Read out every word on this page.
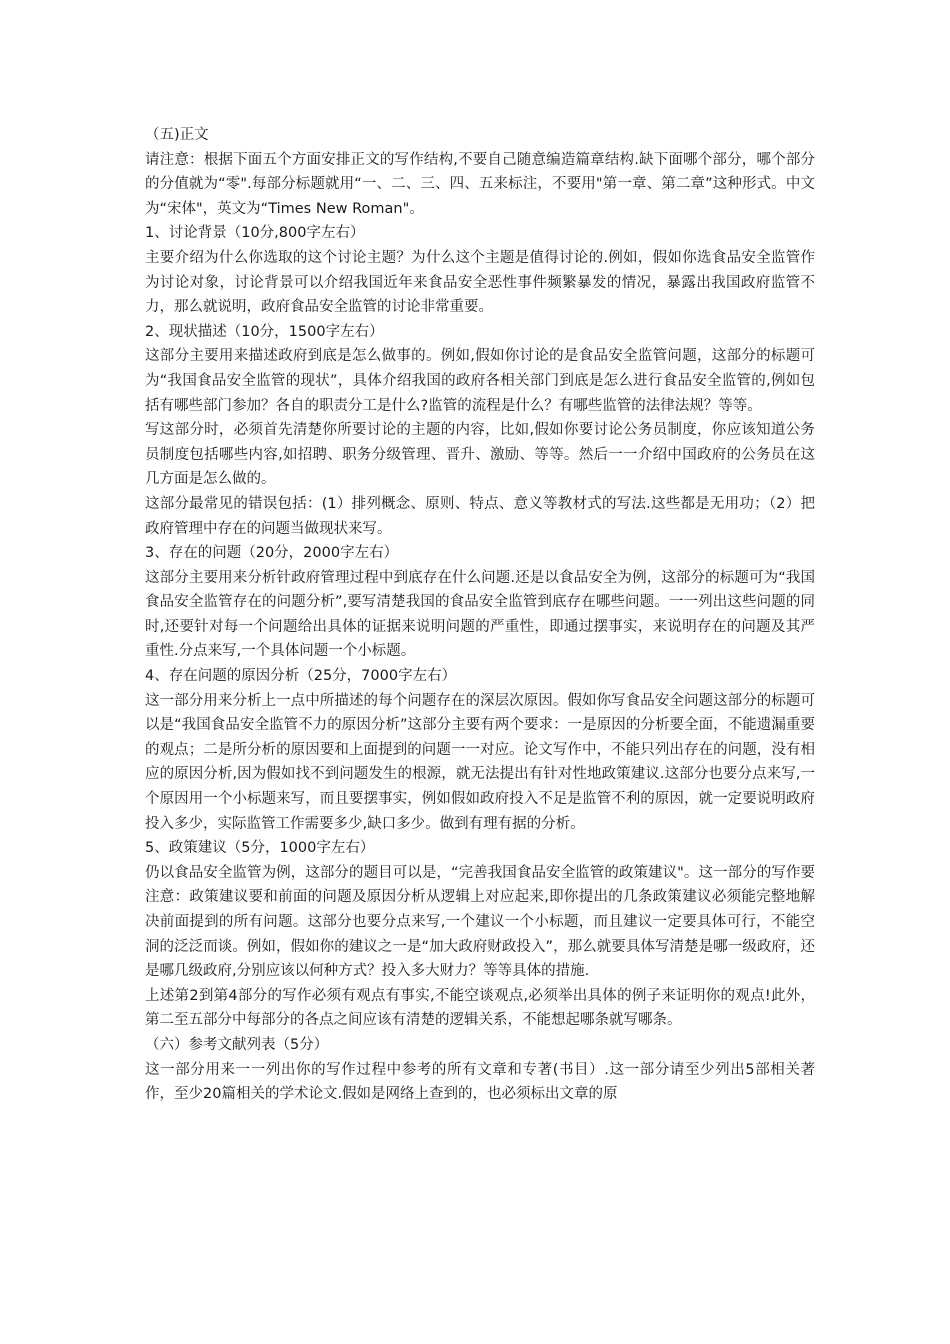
（五)正文

请注意：根据下面五个方面安排正文的写作结构,不要自己随意编造篇章结构.缺下面哪个部分，哪个部分的分值就为“零".每部分标题就用“一、二、三、四、五来标注，不要用"第一章、第二章”这种形式。中文为“宋体"，英文为“Times New Roman"。

1、讨论背景（10分,800字左右）

主要介绍为什么你选取的这个讨论主题？为什么这个主题是值得讨论的.例如，假如你选食品安全监管作为讨论对象，讨论背景可以介绍我国近年来食品安全恶性事件频繁暴发的情况，暴露出我国政府监管不力，那么就说明，政府食品安全监管的讨论非常重要。

2、现状描述（10分，1500字左右）

这部分主要用来描述政府到底是怎么做事的。例如,假如你讨论的是食品安全监管问题，这部分的标题可为“我国食品安全监管的现状”，具体介绍我国的政府各相关部门到底是怎么进行食品安全监管的,例如包括有哪些部门参加？各自的职责分工是什么?监管的流程是什么？有哪些监管的法律法规？等等。

写这部分时，必须首先清楚你所要讨论的主题的内容，比如,假如你要讨论公务员制度，你应该知道公务员制度包括哪些内容,如招聘、职务分级管理、晋升、激励、等等。然后一一介绍中国政府的公务员在这几方面是怎么做的。

这部分最常见的错误包括：(1）排列概念、原则、特点、意义等教材式的写法.这些都是无用功；（2）把政府管理中存在的问题当做现状来写。

3、存在的问题（20分，2000字左右）

这部分主要用来分析针政府管理过程中到底存在什么问题.还是以食品安全为例，这部分的标题可为“我国食品安全监管存在的问题分析”,要写清楚我国的食品安全监管到底存在哪些问题。一一列出这些问题的同时,还要针对每一个问题给出具体的证据来说明问题的严重性，即通过摆事实，来说明存在的问题及其严重性.分点来写,一个具体问题一个小标题。

4、存在问题的原因分析（25分，7000字左右）

这一部分用来分析上一点中所描述的每个问题存在的深层次原因。假如你写食品安全问题这部分的标题可以是“我国食品安全监管不力的原因分析”这部分主要有两个要求：一是原因的分析要全面，不能遗漏重要的观点；二是所分析的原因要和上面提到的问题一一对应。论文写作中，不能只列出存在的问题，没有相应的原因分析,因为假如找不到问题发生的根源，就无法提出有针对性地政策建议.这部分也要分点来写,一个原因用一个小标题来写，而且要摆事实，例如假如政府投入不足是监管不利的原因，就一定要说明政府投入多少，实际监管工作需要多少,缺口多少。做到有理有据的分析。

5、政策建议（5分，1000字左右）

仍以食品安全监管为例，这部分的题目可以是，“完善我国食品安全监管的政策建议"。这一部分的写作要注意：政策建议要和前面的问题及原因分析从逻辑上对应起来,即你提出的几条政策建议必须能完整地解决前面提到的所有问题。这部分也要分点来写,一个建议一个小标题，而且建议一定要具体可行，不能空洞的泛泛而谈。例如，假如你的建议之一是“加大政府财政投入”，那么就要具体写清楚是哪一级政府，还是哪几级政府,分别应该以何种方式？投入多大财力？等等具体的措施.

上述第2到第4部分的写作必须有观点有事实,不能空谈观点,必须举出具体的例子来证明你的观点!此外，第二至五部分中每部分的各点之间应该有清楚的逻辑关系，不能想起哪条就写哪条。

（六）参考文献列表（5分）

这一部分用来一一列出你的写作过程中参考的所有文章和专著(书目）.这一部分请至少列出5部相关著作，至少20篇相关的学术论文.假如是网络上查到的，也必须标出文章的原
